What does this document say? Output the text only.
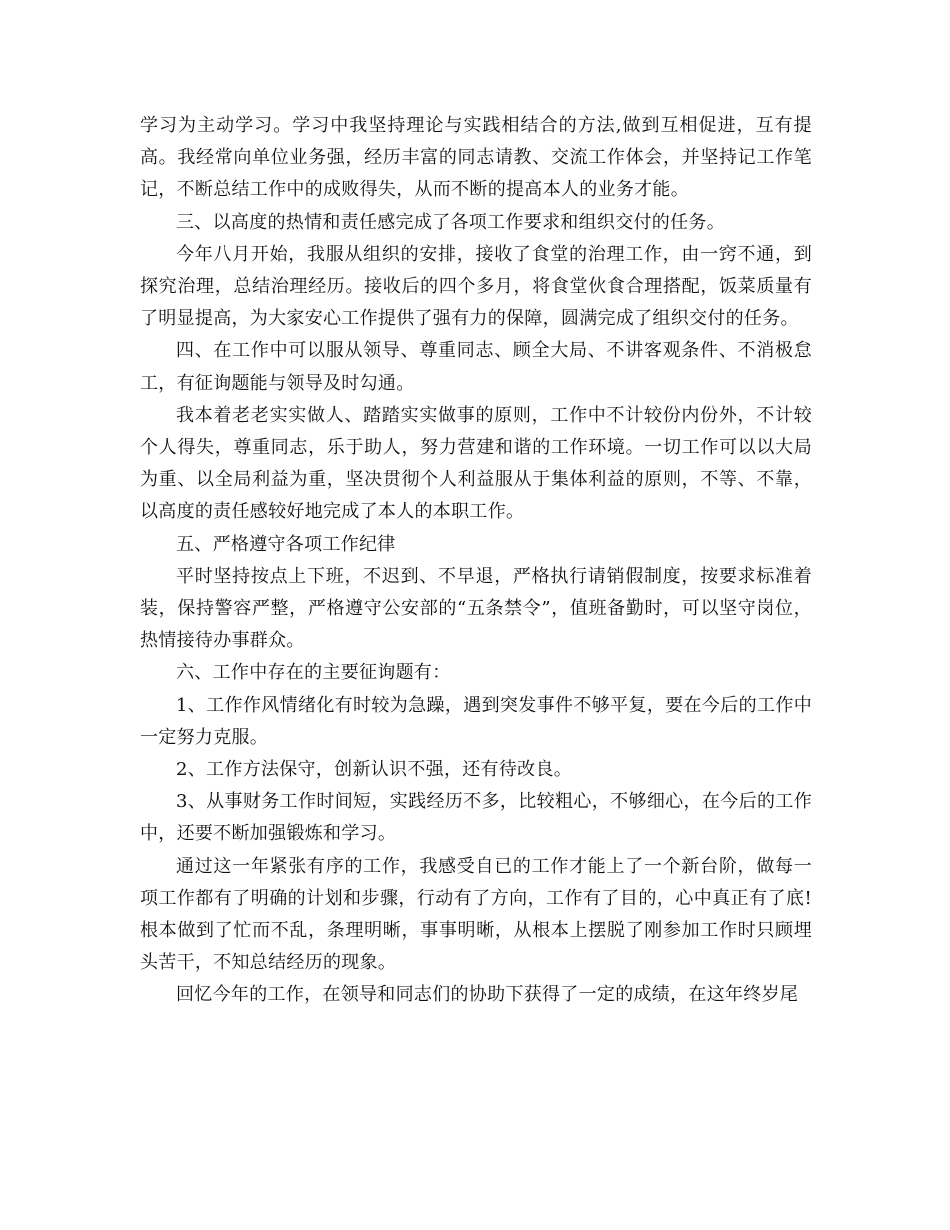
学习为主动学习。学习中我坚持理论与实践相结合的方法,做到互相促进，互有提高。我经常向单位业务强，经历丰富的同志请教、交流工作体会，并坚持记工作笔记，不断总结工作中的成败得失，从而不断的提高本人的业务才能。

三、以高度的热情和责任感完成了各项工作要求和组织交付的任务。

今年八月开始，我服从组织的安排，接收了食堂的治理工作，由一窍不通，到探究治理，总结治理经历。接收后的四个多月，将食堂伙食合理搭配，饭菜质量有了明显提高，为大家安心工作提供了强有力的保障，圆满完成了组织交付的任务。

四、在工作中可以服从领导、尊重同志、顾全大局、不讲客观条件、不消极怠工，有征询题能与领导及时勾通。

我本着老老实实做人、踏踏实实做事的原则，工作中不计较份内份外，不计较个人得失，尊重同志，乐于助人，努力营建和谐的工作环境。一切工作可以以大局为重、以全局利益为重，坚决贯彻个人利益服从于集体利益的原则，不等、不靠，以高度的责任感较好地完成了本人的本职工作。

五、严格遵守各项工作纪律

平时坚持按点上下班，不迟到、不早退，严格执行请销假制度，按要求标准着装，保持警容严整，严格遵守公安部的“五条禁令”，值班备勤时，可以坚守岗位，热情接待办事群众。

六、工作中存在的主要征询题有：

1、工作作风情绪化有时较为急躁，遇到突发事件不够平复，要在今后的工作中一定努力克服。

2、工作方法保守，创新认识不强，还有待改良。

3、从事财务工作时间短，实践经历不多，比较粗心，不够细心，在今后的工作中，还要不断加强锻炼和学习。

通过这一年紧张有序的工作，我感受自已的工作才能上了一个新台阶，做每一项工作都有了明确的计划和步骤，行动有了方向，工作有了目的，心中真正有了底!根本做到了忙而不乱，条理明晰，事事明晰，从根本上摆脱了刚参加工作时只顾埋头苦干，不知总结经历的现象。

回忆今年的工作，在领导和同志们的协助下获得了一定的成绩，在这年终岁尾
